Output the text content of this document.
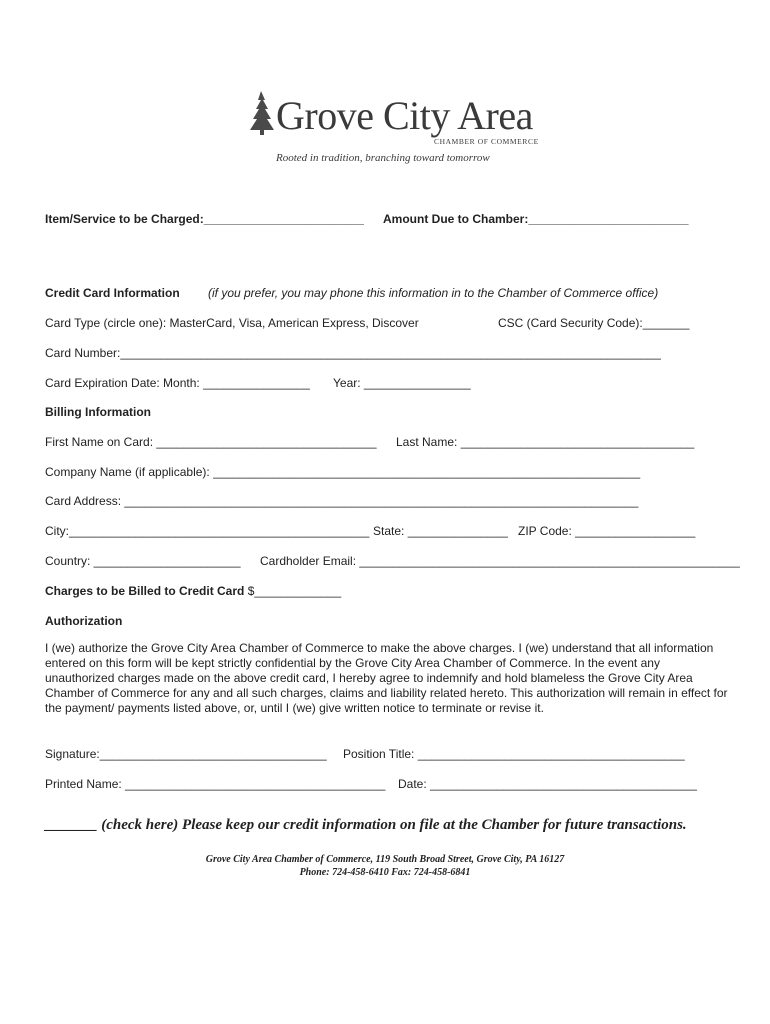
Grove City Area
CHAMBER OF COMMERCE
Rooted in tradition, branching toward tomorrow
Item/Service to be Charged:________________________ Amount Due to Chamber:________________________
Credit Card Information (if you prefer, you may phone this information in to the Chamber of Commerce office)
Card Type (circle one): MasterCard, Visa, American Express, Discover	CSC (Card Security Code):_______
Card Number:_________________________________________________________________________________
Card Expiration Date: Month: ________________ Year: ________________
Billing Information
First Name on Card: _________________________________ Last Name: ___________________________________
Company Name (if applicable): ________________________________________________________________
Card Address: _____________________________________________________________________________
City:_____________________________________________ State: _______________ ZIP Code: __________________
Country: ______________________ Cardholder Email: _________________________________________________________
Charges to be Billed to Credit Card $_____________
Authorization
I (we) authorize the Grove City Area Chamber of Commerce to make the above charges. I (we) understand that all information entered on this form will be kept strictly confidential by the Grove City Area Chamber of Commerce. In the event any unauthorized charges made on the above credit card, I hereby agree to indemnify and hold blameless the Grove City Area Chamber of Commerce for any and all such charges, claims and liability related hereto. This authorization will remain in effect for the payment/ payments listed above, or, until I (we) give written notice to terminate or revise it.
Signature:__________________________________ Position Title: ________________________________________
Printed Name: _______________________________________ Date: ________________________________________
_______ (check here) Please keep our credit information on file at the Chamber for future transactions.
Grove City Area Chamber of Commerce, 119 South Broad Street, Grove City, PA 16127
Phone: 724-458-6410 Fax: 724-458-6841
